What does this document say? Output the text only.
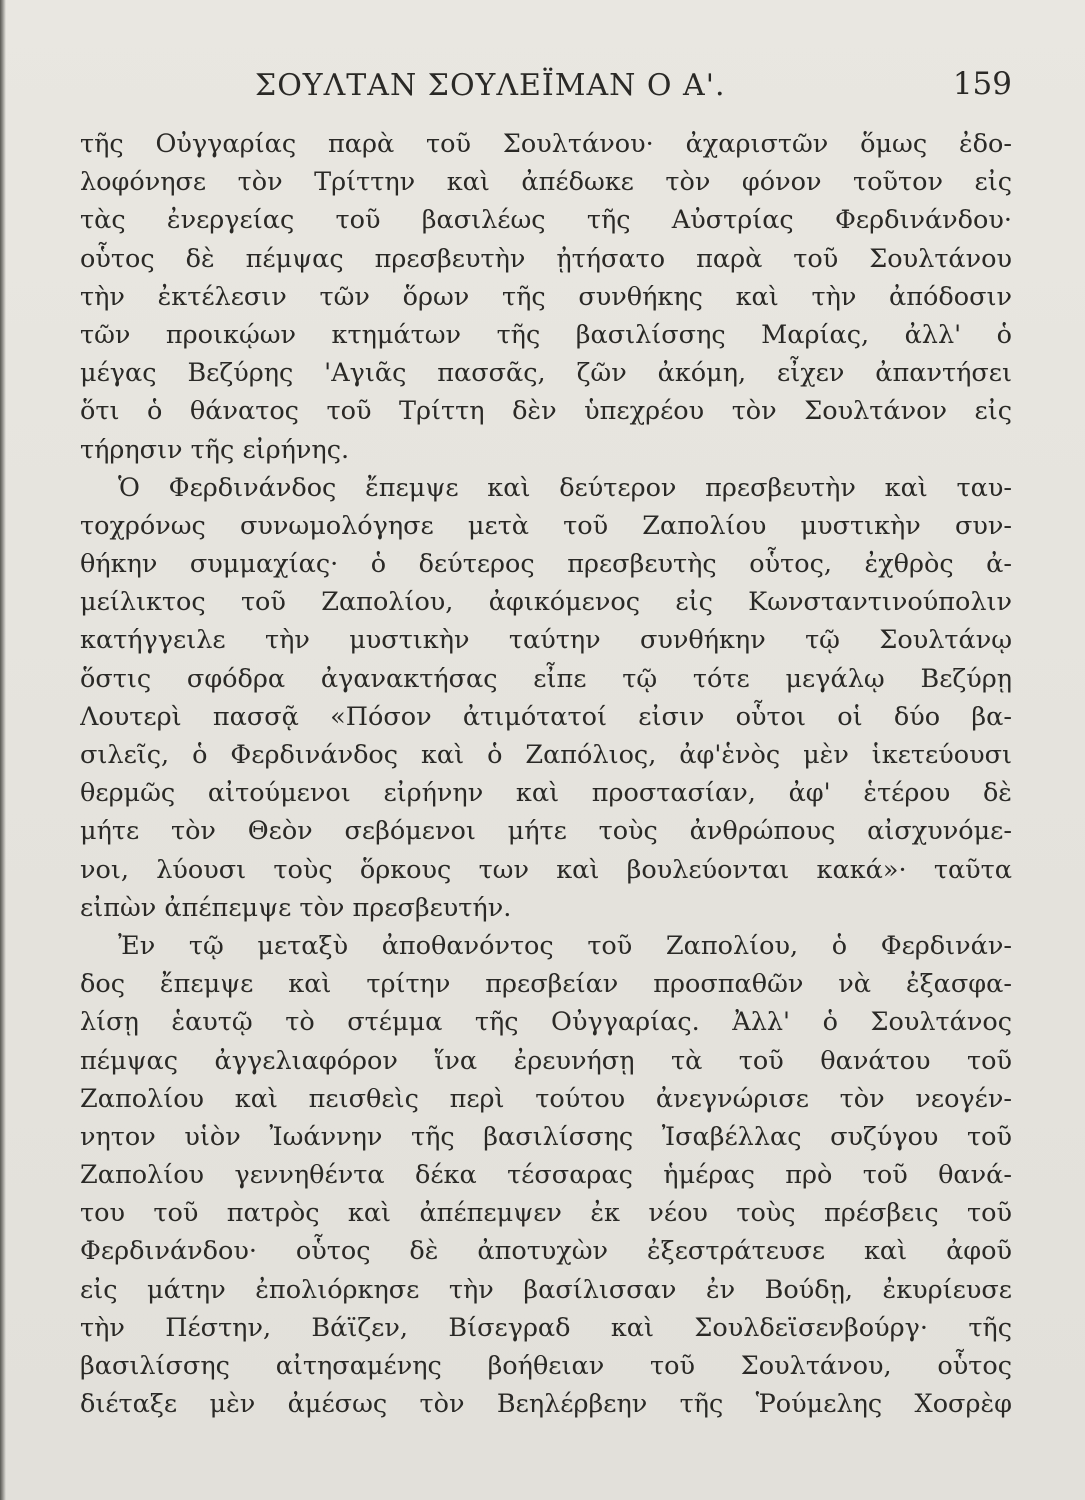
ΣΟΥΛΤΑΝ ΣΟΥΛΕΪΜΑΝ Ο Α'.	159
τῆς Οὐγγαρίας παρὰ τοῦ Σουλτάνου· ἀχαριστῶν ὅμως ἐδο-
λοφόνησε τὸν Τρίττην καὶ ἀπέδωκε τὸν φόνον τοῦτον εἰς
τὰς ἐνεργείας τοῦ βασιλέως τῆς Αὐστρίας Φερδινάνδου·
οὗτος δὲ πέμψας πρεσβευτὴν ᾐτήσατο παρὰ τοῦ Σουλτάνου
τὴν ἐκτέλεσιν τῶν ὅρων τῆς συνθήκης καὶ τὴν ἀπόδοσιν
τῶν προικῴων κτημάτων τῆς βασιλίσσης Μαρίας, ἀλλ' ὁ
μέγας Βεζύρης 'Αγιᾶς πασσᾶς, ζῶν ἀκόμη, εἶχεν ἀπαντήσει
ὅτι ὁ θάνατος τοῦ Τρίττη δὲν ὑπεχρέου τὸν Σουλτάνον εἰς
τήρησιν τῆς εἰρήνης.
Ὁ Φερδινάνδος ἔπεμψε καὶ δεύτερον πρεσβευτὴν καὶ ταυ-
τοχρόνως συνωμολόγησε μετὰ τοῦ Ζαπολίου μυστικὴν συν-
θήκην συμμαχίας· ὁ δεύτερος πρεσβευτὴς οὗτος, ἐχθρὸς ἀ-
μείλικτος τοῦ Ζαπολίου, ἀφικόμενος εἰς Κωνσταντινούπολιν
κατήγγειλε τὴν μυστικὴν ταύτην συνθήκην τῷ Σουλτάνῳ
ὅστις σφόδρα ἀγανακτήσας εἶπε τῷ τότε μεγάλῳ Βεζύρῃ
Λουτερὶ πασσᾷ «Πόσον ἀτιμότατοί εἰσιν οὗτοι οἱ δύο βα-
σιλεῖς, ὁ Φερδινάνδος καὶ ὁ Ζαπόλιος, ἀφ'ἑνὸς μὲν ἱκετεύουσι
θερμῶς αἰτούμενοι εἰρήνην καὶ προστασίαν, ἀφ' ἑτέρου δὲ
μήτε τὸν Θεὸν σεβόμενοι μήτε τοὺς ἀνθρώπους αἰσχυνόμε-
νοι, λύουσι τοὺς ὅρκους των καὶ βουλεύονται κακά»· ταῦτα
εἰπὼν ἀπέπεμψε τὸν πρεσβευτήν.
Ἐν τῷ μεταξὺ ἀποθανόντος τοῦ Ζαπολίου, ὁ Φερδινάν-
δος ἔπεμψε καὶ τρίτην πρεσβείαν προσπαθῶν νὰ ἐξασφα-
λίσῃ ἑαυτῷ τὸ στέμμα τῆς Οὐγγαρίας. Ἀλλ' ὁ Σουλτάνος
πέμψας ἀγγελιαφόρον ἵνα ἐρευνήσῃ τὰ τοῦ θανάτου τοῦ
Ζαπολίου καὶ πεισθεὶς περὶ τούτου ἀνεγνώρισε τὸν νεογέν-
νητον υἱὸν Ἰωάννην τῆς βασιλίσσης Ἰσαβέλλας συζύγου τοῦ
Ζαπολίου γεννηθέντα δέκα τέσσαρας ἡμέρας πρὸ τοῦ θανά-
του τοῦ πατρὸς καὶ ἀπέπεμψεν ἐκ νέου τοὺς πρέσβεις τοῦ
Φερδινάνδου· οὗτος δὲ ἀποτυχὼν ἐξεστράτευσε καὶ ἀφοῦ
εἰς μάτην ἐπολιόρκησε τὴν βασίλισσαν ἐν Βούδῃ, ἐκυρίευσε
τὴν Πέστην, Βάϊζεν, Βίσεγραδ καὶ Σουλδεϊσενβούργ· τῆς
βασιλίσσης αἰτησαμένης βοήθειαν τοῦ Σουλτάνου, οὗτος
διέταξε μὲν ἀμέσως τὸν Βεηλέρβεην τῆς Ῥούμελης Χοσρὲφ
